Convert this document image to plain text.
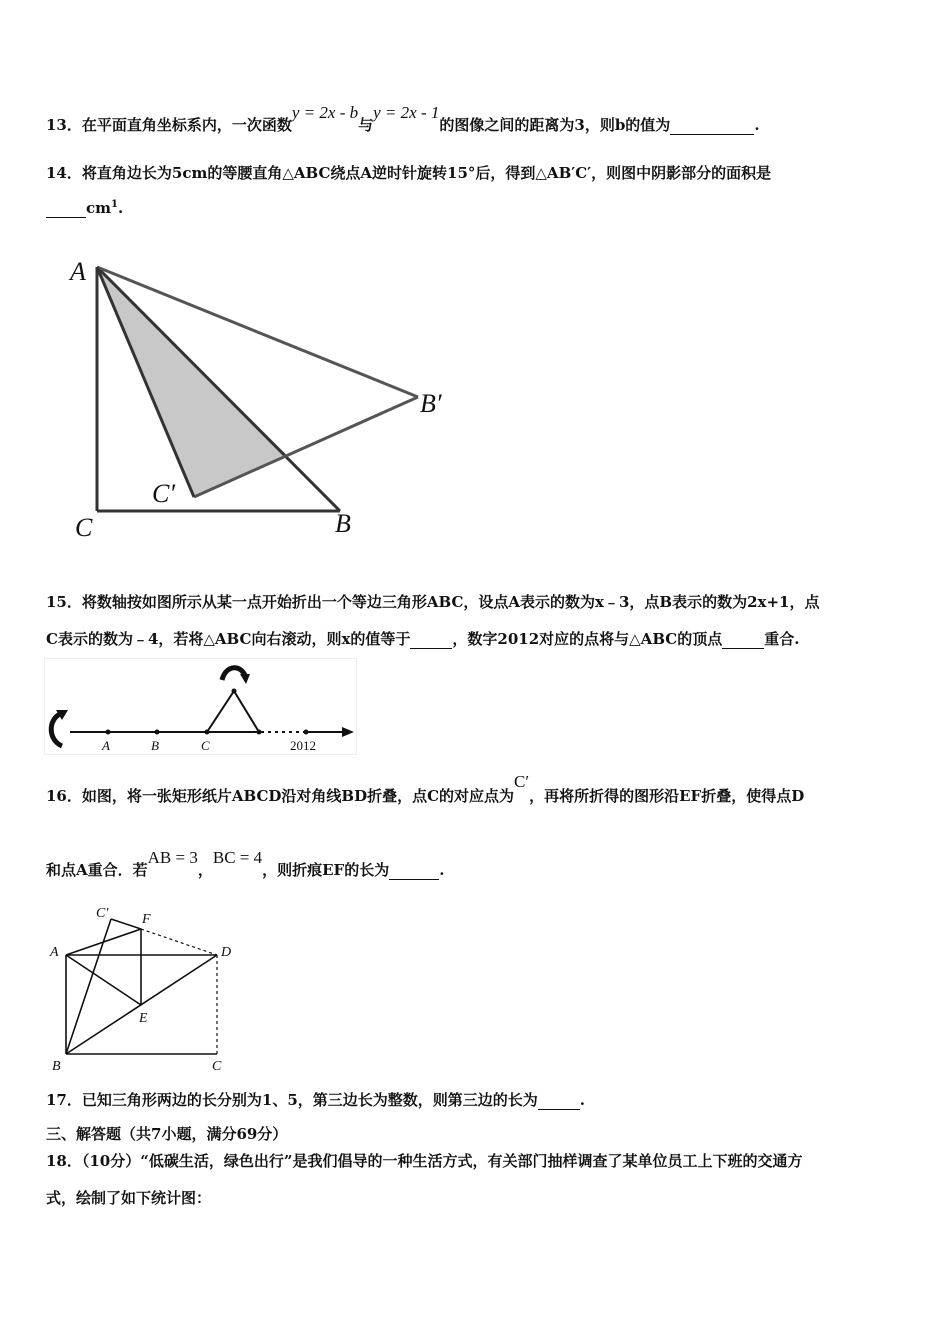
13．在平面直角坐标系内，一次函数y = 2x - b与y = 2x - 1的图像之间的距离为3，则b的值为	.
14．将直角边长为5cm的等腰直角△ABC绕点A逆时针旋转15°后，得到△AB′C′，则图中阴影部分的面积是
$cm^1$.
A
C	B
B′
C′
15．将数轴按如图所示从某一点开始折出一个等边三角形ABC，设点A表示的数为x﹣3，点B表示的数为2x+1，点
C表示的数为﹣4，若将△ABC向右滚动，则x的值等于	，数字2012对应的点将与△ABC的顶点	重合.
A	B	C	2012
16．如图，将一张矩形纸片ABCD沿对角线BD折叠，点C的对应点为C′，再将所折得的图形沿EF折叠，使得点D
和点A重合．若AB = 3，BC = 4，则折痕EF的长为	.
C′ F
A	D
E
B	C
17．已知三角形两边的长分别为1、5，第三边长为整数，则第三边的长为	.
三、解答题（共7小题，满分69分）
18．（10分）“低碳生活，绿色出行”是我们倡导的一种生活方式，有关部门抽样调查了某单位员工上下班的交通方
式，绘制了如下统计图：
